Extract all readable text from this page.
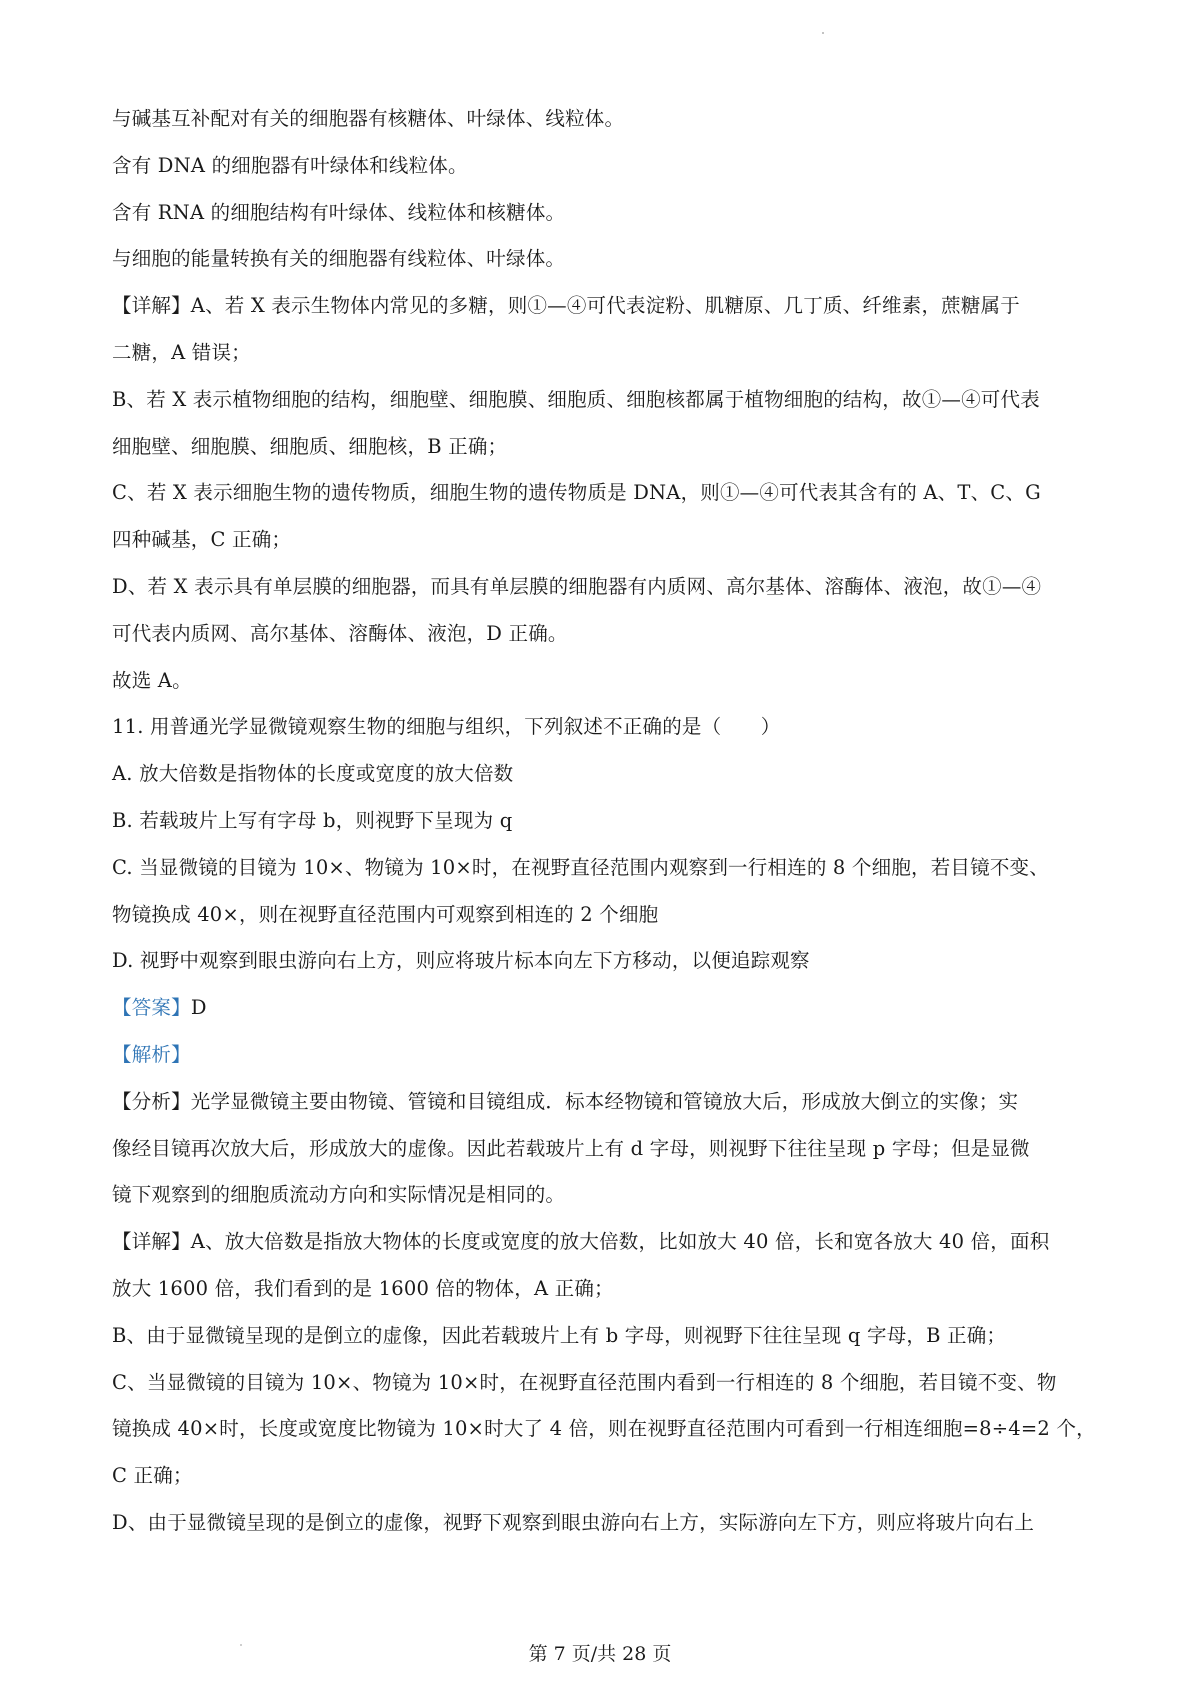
与碱基互补配对有关的细胞器有核糖体、叶绿体、线粒体。
含有 DNA 的细胞器有叶绿体和线粒体。
含有 RNA 的细胞结构有叶绿体、线粒体和核糖体。
与细胞的能量转换有关的细胞器有线粒体、叶绿体。
【详解】A、若 X 表示生物体内常见的多糖，则①—④可代表淀粉、肌糖原、几丁质、纤维素，蔗糖属于
二糖，A 错误；
B、若 X 表示植物细胞的结构，细胞壁、细胞膜、细胞质、细胞核都属于植物细胞的结构，故①—④可代表
细胞壁、细胞膜、细胞质、细胞核，B 正确；
C、若 X 表示细胞生物的遗传物质，细胞生物的遗传物质是 DNA，则①—④可代表其含有的 A、T、C、G
四种碱基，C 正确；
D、若 X 表示具有单层膜的细胞器，而具有单层膜的细胞器有内质网、高尔基体、溶酶体、液泡，故①—④
可代表内质网、高尔基体、溶酶体、液泡，D 正确。
故选 A。
11. 用普通光学显微镜观察生物的细胞与组织，下列叙述不正确的是（　　）
A. 放大倍数是指物体的长度或宽度的放大倍数
B. 若载玻片上写有字母 b，则视野下呈现为 q
C. 当显微镜的目镜为 10×、物镜为 10×时，在视野直径范围内观察到一行相连的 8 个细胞，若目镜不变、
物镜换成 40×，则在视野直径范围内可观察到相连的 2 个细胞
D. 视野中观察到眼虫游向右上方，则应将玻片标本向左下方移动，以便追踪观察
【答案】D
【解析】
【分析】光学显微镜主要由物镜、管镜和目镜组成．标本经物镜和管镜放大后，形成放大倒立的实像；实
像经目镜再次放大后，形成放大的虚像。因此若载玻片上有 d 字母，则视野下往往呈现 p 字母；但是显微
镜下观察到的细胞质流动方向和实际情况是相同的。
【详解】A、放大倍数是指放大物体的长度或宽度的放大倍数，比如放大 40 倍，长和宽各放大 40 倍，面积
放大 1600 倍，我们看到的是 1600 倍的物体，A 正确；
B、由于显微镜呈现的是倒立的虚像，因此若载玻片上有 b 字母，则视野下往往呈现 q 字母，B 正确；
C、当显微镜的目镜为 10×、物镜为 10×时，在视野直径范围内看到一行相连的 8 个细胞，若目镜不变、物
镜换成 40×时，长度或宽度比物镜为 10×时大了 4 倍，则在视野直径范围内可看到一行相连细胞=8÷4=2 个，
C 正确；
D、由于显微镜呈现的是倒立的虚像，视野下观察到眼虫游向右上方，实际游向左下方，则应将玻片向右上
第 7 页/共 28 页
